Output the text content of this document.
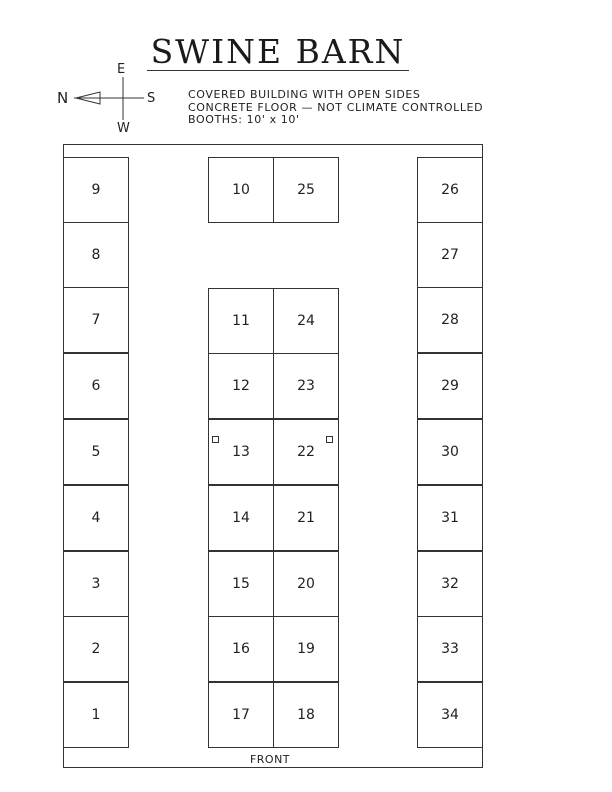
SWINE BARN
N
E
S
W
COVERED BUILDING WITH OPEN SIDES
CONCRETE FLOOR — NOT CLIMATE CONTROLLED
BOOTHS: 10' x 10'
9
8
7
6
5
4
3
2
1
26
27
28
29
30
31
32
33
34
10	25
11
12
13
14
15
16
17
24
23
22
21
20
19
18
FRONT
